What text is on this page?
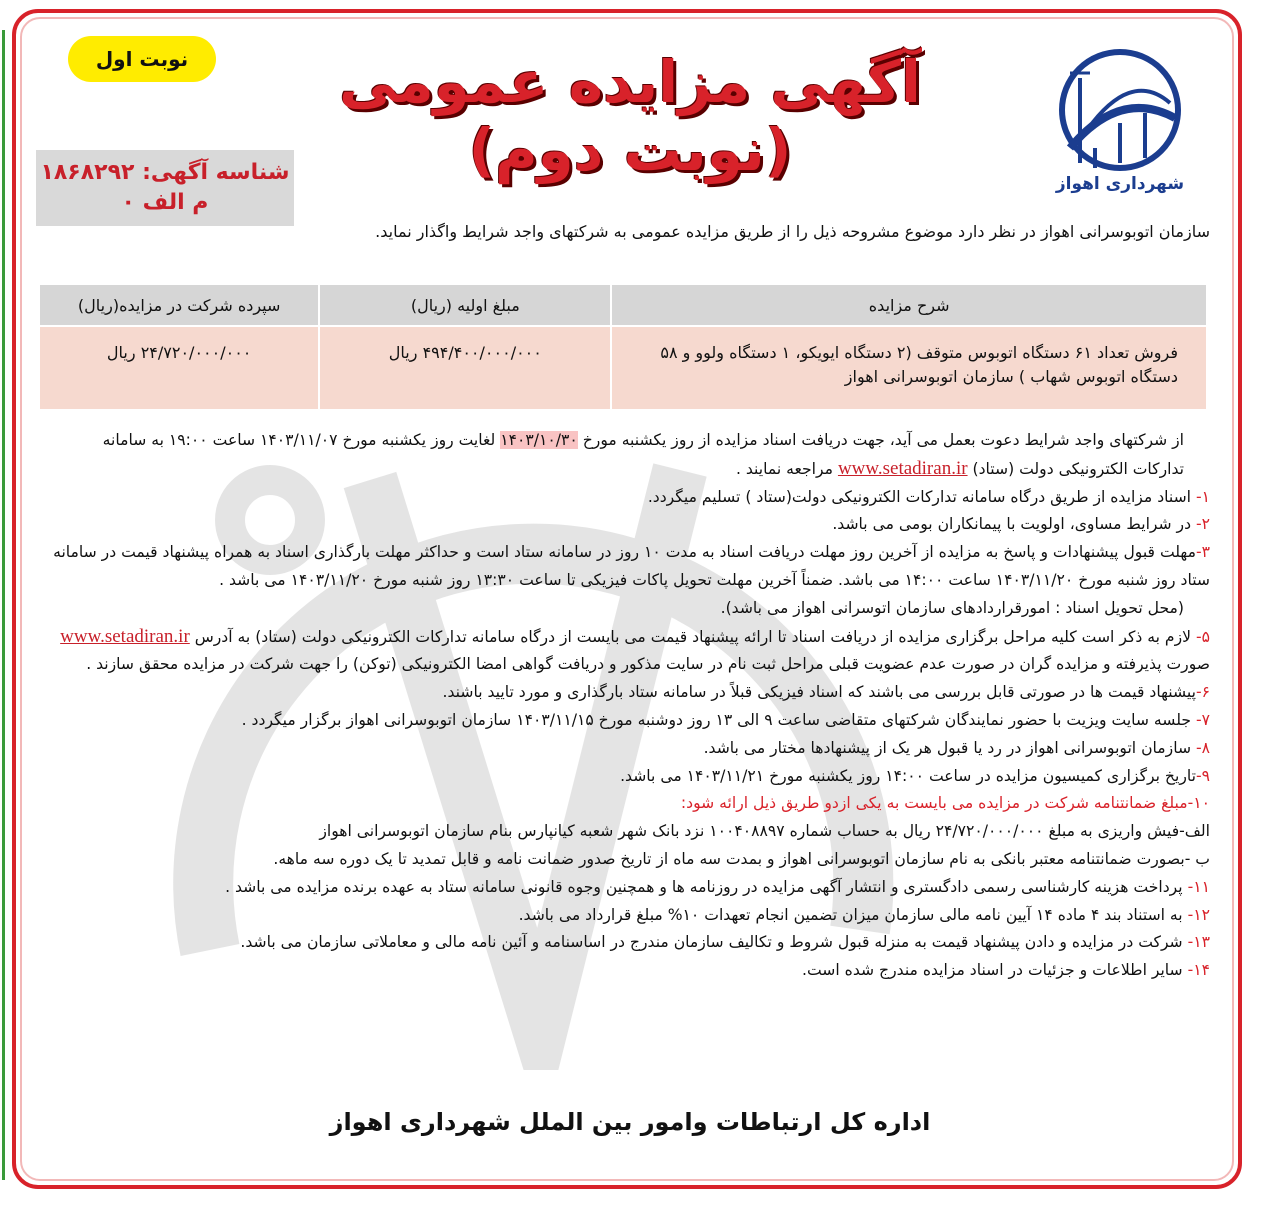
نوبت اول	آگهی مزایده عمومی (نوبت دوم)
شناسه آگهی: ۱۸۶۸۲۹۲
م الف ۰
شهرداری اهواز
سازمان اتوبوسرانی اهواز در نظر دارد موضوع مشروحه ذیل را از طریق مزایده عمومی به شرکتهای واجد شرایط واگذار نماید.
شرح مزایده	مبلغ اولیه (ریال)	سپرده شرکت در مزایده(ریال)
فروش تعداد ۶۱ دستگاه اتوبوس متوقف (۲ دستگاه ایویکو، ۱ دستگاه ولوو و ۵۸ دستگاه اتوبوس شهاب ) سازمان اتوبوسرانی اهواز	۴۹۴/۴۰۰/۰۰۰/۰۰۰ ریال	۲۴/۷۲۰/۰۰۰/۰۰۰ ریال

از شرکتهای واجد شرایط دعوت بعمل می آید، جهت دریافت اسناد مزایده از روز یکشنبه مورخ ۱۴۰۳/۱۰/۳۰ لغایت روز یکشنبه مورخ ۱۴۰۳/۱۱/۰۷ ساعت ۱۹:۰۰ به سامانه تدارکات الکترونیکی دولت (ستاد) www.setadiran.ir مراجعه نمایند .

۱- اسناد مزایده از طریق درگاه سامانه تدارکات الکترونیکی دولت(ستاد ) تسلیم میگردد.

۲- در شرایط مساوی، اولویت با پیمانکاران بومی می باشد.

۳-مهلت قبول پیشنهادات و پاسخ به مزایده از آخرین روز مهلت دریافت اسناد به مدت ۱۰ روز در سامانه ستاد است و حداکثر مهلت بارگذاری اسناد به همراه پیشنهاد قیمت در سامانه ستاد روز شنبه مورخ ۱۴۰۳/۱۱/۲۰ ساعت ۱۴:۰۰ می باشد. ضمناً آخرین مهلت تحویل پاکات فیزیکی تا ساعت ۱۳:۳۰ روز شنبه مورخ ۱۴۰۳/۱۱/۲۰ می باشد .

(محل تحویل اسناد : امورقراردادهای سازمان اتوسرانی اهواز می باشد).

۵- لازم به ذکر است کلیه مراحل برگزاری مزایده از دریافت اسناد تا ارائه پیشنهاد قیمت می بایست از درگاه سامانه تدارکات الکترونیکی دولت (ستاد) به آدرس www.setadiran.ir صورت پذیرفته و مزایده گران در صورت عدم عضویت قبلی مراحل ثبت نام در سایت مذکور و دریافت گواهی امضا الکترونیکی (توکن) را جهت شرکت در مزایده محقق سازند .

۶-پیشنهاد قیمت ها در صورتی قابل بررسی می باشند که اسناد فیزیکی قبلاً در سامانه ستاد بارگذاری و مورد تایید باشند.

۷- جلسه سایت ویزیت با حضور نمایندگان شرکتهای متقاضی ساعت ۹ الی ۱۳ روز دوشنبه مورخ ۱۴۰۳/۱۱/۱۵ سازمان اتوبوسرانی اهواز برگزار میگردد .

۸- سازمان اتوبوسرانی اهواز در رد یا قبول هر یک از پیشنهادها مختار می باشد.

۹-تاریخ برگزاری کمیسیون مزایده در ساعت ۱۴:۰۰ روز یکشنبه مورخ ۱۴۰۳/۱۱/۲۱ می باشد.

۱۰-مبلغ ضمانتنامه شرکت در مزایده می بایست به یکی ازدو طریق ذیل ارائه شود:

الف-فیش واریزی به مبلغ ۲۴/۷۲۰/۰۰۰/۰۰۰ ریال به حساب شماره ۱۰۰۴۰۸۸۹۷ نزد بانک شهر شعبه کیانپارس بنام سازمان اتوبوسرانی اهواز

ب -بصورت ضمانتنامه معتبر بانکی به نام سازمان اتوبوسرانی اهواز و بمدت سه ماه از تاریخ صدور ضمانت نامه و قابل تمدید تا یک دوره سه ماهه.

۱۱- پرداخت هزینه کارشناسی رسمی دادگستری و انتشار آگهی مزایده در روزنامه ها و همچنین وجوه قانونی سامانه ستاد به عهده برنده مزایده می باشد .

۱۲- به استناد بند ۴ ماده ۱۴ آیین نامه مالی سازمان میزان تضمین انجام تعهدات ۱۰% مبلغ قرارداد می باشد.

۱۳- شرکت در مزایده و دادن پیشنهاد قیمت به منزله قبول شروط و تکالیف سازمان مندرج در اساسنامه و آئین نامه مالی و معاملاتی سازمان می باشد.

۱۴- سایر اطلاعات و جزئیات در اسناد مزایده مندرج شده است.

اداره کل ارتباطات وامور بین الملل شهرداری اهواز
